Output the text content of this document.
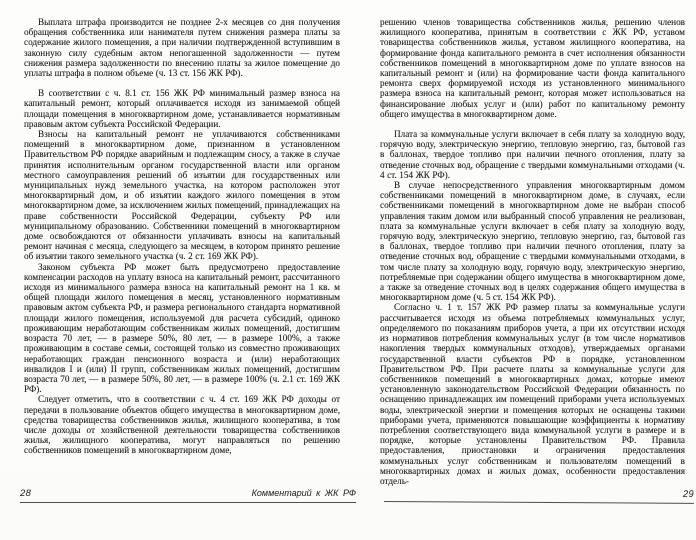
Выплата штрафа производится не позднее 2-х месяцев со дня получения обращения собственника или нанимателя путем снижения размера платы за содержание жилого помещения, а при наличии подтвержденной вступившим в законную силу судебным актом непогашенной задолженности — путем снижения размера задолженности по внесению платы за жилое помещение до уплаты штрафа в полном объеме (ч. 13 ст. 156 ЖК РФ).

В соответствии с ч. 8.1 ст. 156 ЖК РФ минимальный размер взноса на капитальный ремонт, который оплачивается исходя из занимаемой общей площади помещения в многоквартирном доме, устанавливается нормативным правовым актом субъекта Российской Федерации.

Взносы на капитальный ремонт не уплачиваются собственниками помещений в многоквартирном доме, признанном в установленном Правительством РФ порядке аварийным и подлежащим сносу, а также в случае принятия исполнительным органом государственной власти или органом местного самоуправления решений об изъятии для государственных или муниципальных нужд земельного участка, на котором расположен этот многоквартирный дом, и об изъятии каждого жилого помещения в этом многоквартирном доме, за исключением жилых помещений, принадлежащих на праве собственности Российской Федерации, субъекту РФ или муниципальному образованию. Собственники помещений в многоквартирном доме освобождаются от обязанности уплачивать взносы на капитальный ремонт начиная с месяца, следующего за месяцем, в котором принято решение об изъятии такого земельного участка (ч. 2 ст. 169 ЖК РФ).

Законом субъекта РФ может быть предусмотрено предоставление компенсации расходов на уплату взноса на капитальный ремонт, рассчитанного исходя из минимального размера взноса на капитальный ремонт на 1 кв. м общей площади жилого помещения в месяц, установленного нормативным правовым актом субъекта РФ, и размера регионального стандарта нормативной площади жилого помещения, используемой для расчета субсидий, одиноко проживающим неработающим собственникам жилых помещений, достигшим возраста 70 лет, — в размере 50%, 80 лет, — в размере 100%, а также проживающим в составе семьи, состоящей только из совместно проживающих неработающих граждан пенсионного возраста и (или) неработающих инвалидов I и (или) II групп, собственникам жилых помещений, достигшим возраста 70 лет, — в размере 50%, 80 лет, — в размере 100% (ч. 2.1 ст. 169 ЖК РФ).

Следует отметить, что в соответствии с ч. 4 ст. 169 ЖК РФ доходы от передачи в пользование объектов общего имущества в многоквартирном доме, средства товарищества собственников жилья, жилищного кооператива, в том числе доходы от хозяйственной деятельности товарищества собственников жилья, жилищного кооператива, могут направляться по решению собственников помещений в многоквартирном доме,

решению членов товарищества собственников жилья, решению членов жилищного кооператива, принятым в соответствии с ЖК РФ, уставом товарищества собственников жилья, уставом жилищного кооператива, на формирование фонда капитального ремонта в счет исполнения обязанности собственников помещений в многоквартирном доме по уплате взносов на капитальный ремонт и (или) на формирование части фонда капитального ремонта сверх формируемой исходя из установленного минимального размера взноса на капитальный ремонт, которая может использоваться на финансирование любых услуг и (или) работ по капитальному ремонту общего имущества в многоквартирном доме.

Плата за коммунальные услуги включает в себя плату за холодную воду, горячую воду, электрическую энергию, тепловую энергию, газ, бытовой газ в баллонах, твердое топливо при наличии печного отопления, плату за отведение сточных вод, обращение с твердыми коммунальными отходами (ч. 4 ст. 154 ЖК РФ).

В случае непосредственного управления многоквартирным домом собственниками помещений в многоквартирном доме, в случаях, если собственниками помещений в многоквартирном доме не выбран способ управления таким домом или выбранный способ управления не реализован, плата за коммунальные услуги включает в себя плату за холодную воду, горячую воду, электрическую энергию, тепловую энергию, газ, бытовой газ в баллонах, твердое топливо при наличии печного отопления, плату за отведение сточных вод, обращение с твердыми коммунальными отходами, в том числе плату за холодную воду, горячую воду, электрическую энергию, потребляемые при содержании общего имущества в многоквартирном доме, а также за отведение сточных вод в целях содержания общего имущества в многоквартирном доме (ч. 5 ст. 154 ЖК РФ).

Согласно ч. 1 т. 157 ЖК РФ размер платы за коммунальные услуги рассчитывается исходя из объема потребляемых коммунальных услуг, определяемого по показаниям приборов учета, а при их отсутствии исходя из нормативов потребления коммунальных услуг (в том числе нормативов накопления твердых коммунальных отходов), утверждаемых органами государственной власти субъектов РФ в порядке, установленном Правительством РФ. При расчете платы за коммунальные услуги для собственников помещений в многоквартирных домах, которые имеют установленную законодательством Российской Федерации обязанность по оснащению принадлежащих им помещений приборами учета используемых воды, электрической энергии и помещения которых не оснащены такими приборами учета, применяются повышающие коэффициенты к нормативу потребления соответствующего вида коммунальной услуги в размере и в порядке, которые установлены Правительством РФ. Правила предоставления, приостановки и ограничения предоставления коммунальных услуг собственникам и пользователям помещений в многоквартирных домах и жилых домах, особенности предоставления отдель-

28	Комментарий к ЖК РФ	29
